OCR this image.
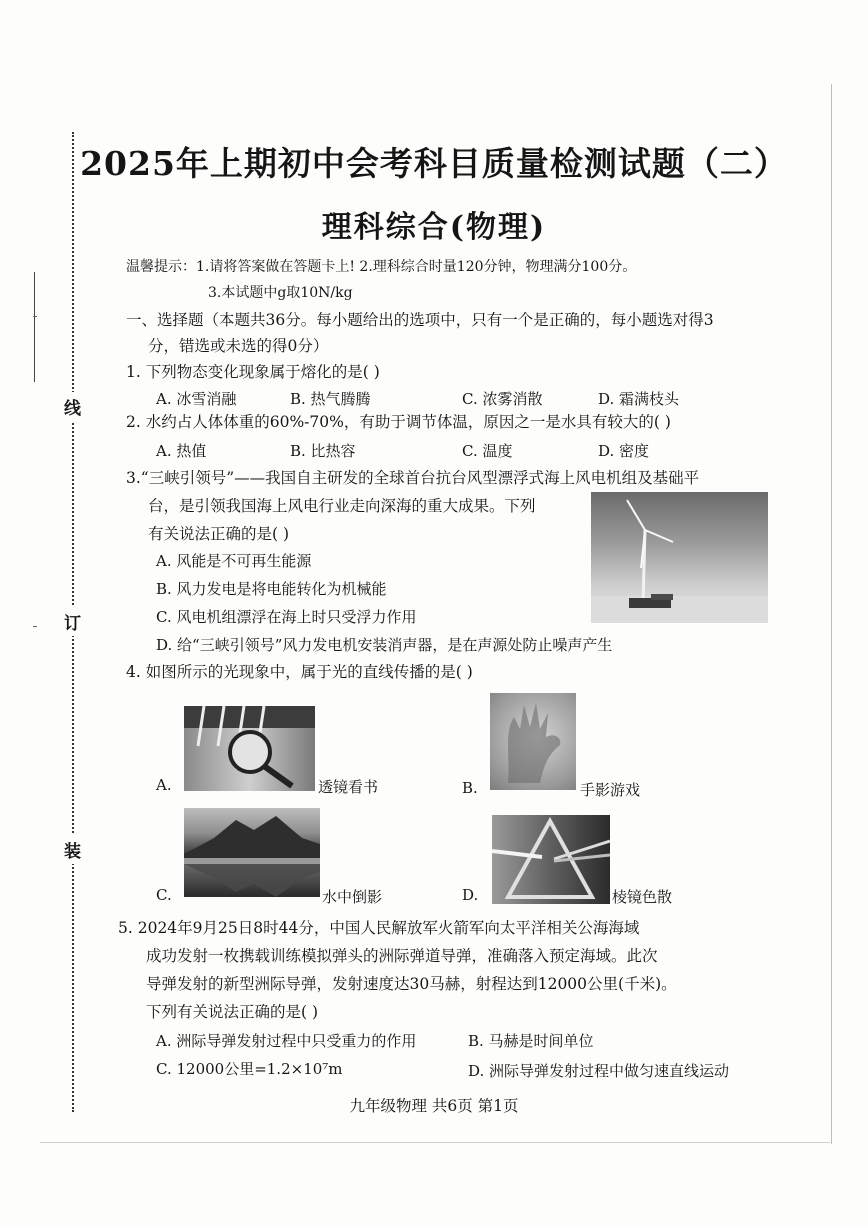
线
订
装
2025年上期初中会考科目质量检测试题（二）
理科综合(物理)
温馨提示：1.请将答案做在答题卡上! 2.理科综合时量120分钟，物理满分100分。
3.本试题中g取10N/kg
一、选择题（本题共36分。每小题给出的选项中，只有一个是正确的，每小题选对得3
分，错选或未选的得0分）
1. 下列物态变化现象属于熔化的是( )
A. 冰雪消融	B. 热气腾腾	C. 浓雾消散	D. 霜满枝头
2. 水约占人体体重的60%-70%，有助于调节体温，原因之一是水具有较大的( )
A. 热值	B. 比热容	C. 温度	D. 密度
3.“三峡引领号”——我国自主研发的全球首台抗台风型漂浮式海上风电机组及基础平
台，是引领我国海上风电行业走向深海的重大成果。下列
有关说法正确的是( )
A. 风能是不可再生能源
B. 风力发电是将电能转化为机械能
C. 风电机组漂浮在海上时只受浮力作用
D. 给“三峡引领号”风力发电机安装消声器，是在声源处防止噪声产生
4. 如图所示的光现象中，属于光的直线传播的是( )
A.	透镜看书	B.	手影游戏
C.	水中倒影	D.	棱镜色散
5. 2024年9月25日8时44分，中国人民解放军火箭军向太平洋相关公海海域
成功发射一枚携载训练模拟弹头的洲际弹道导弹，准确落入预定海域。此次
导弹发射的新型洲际导弹，发射速度达30马赫，射程达到12000公里(千米)。
下列有关说法正确的是( )
A. 洲际导弹发射过程中只受重力的作用	B. 马赫是时间单位
C. 12000公里=1.2×10⁷m	D. 洲际导弹发射过程中做匀速直线运动
九年级物理 共6页 第1页
